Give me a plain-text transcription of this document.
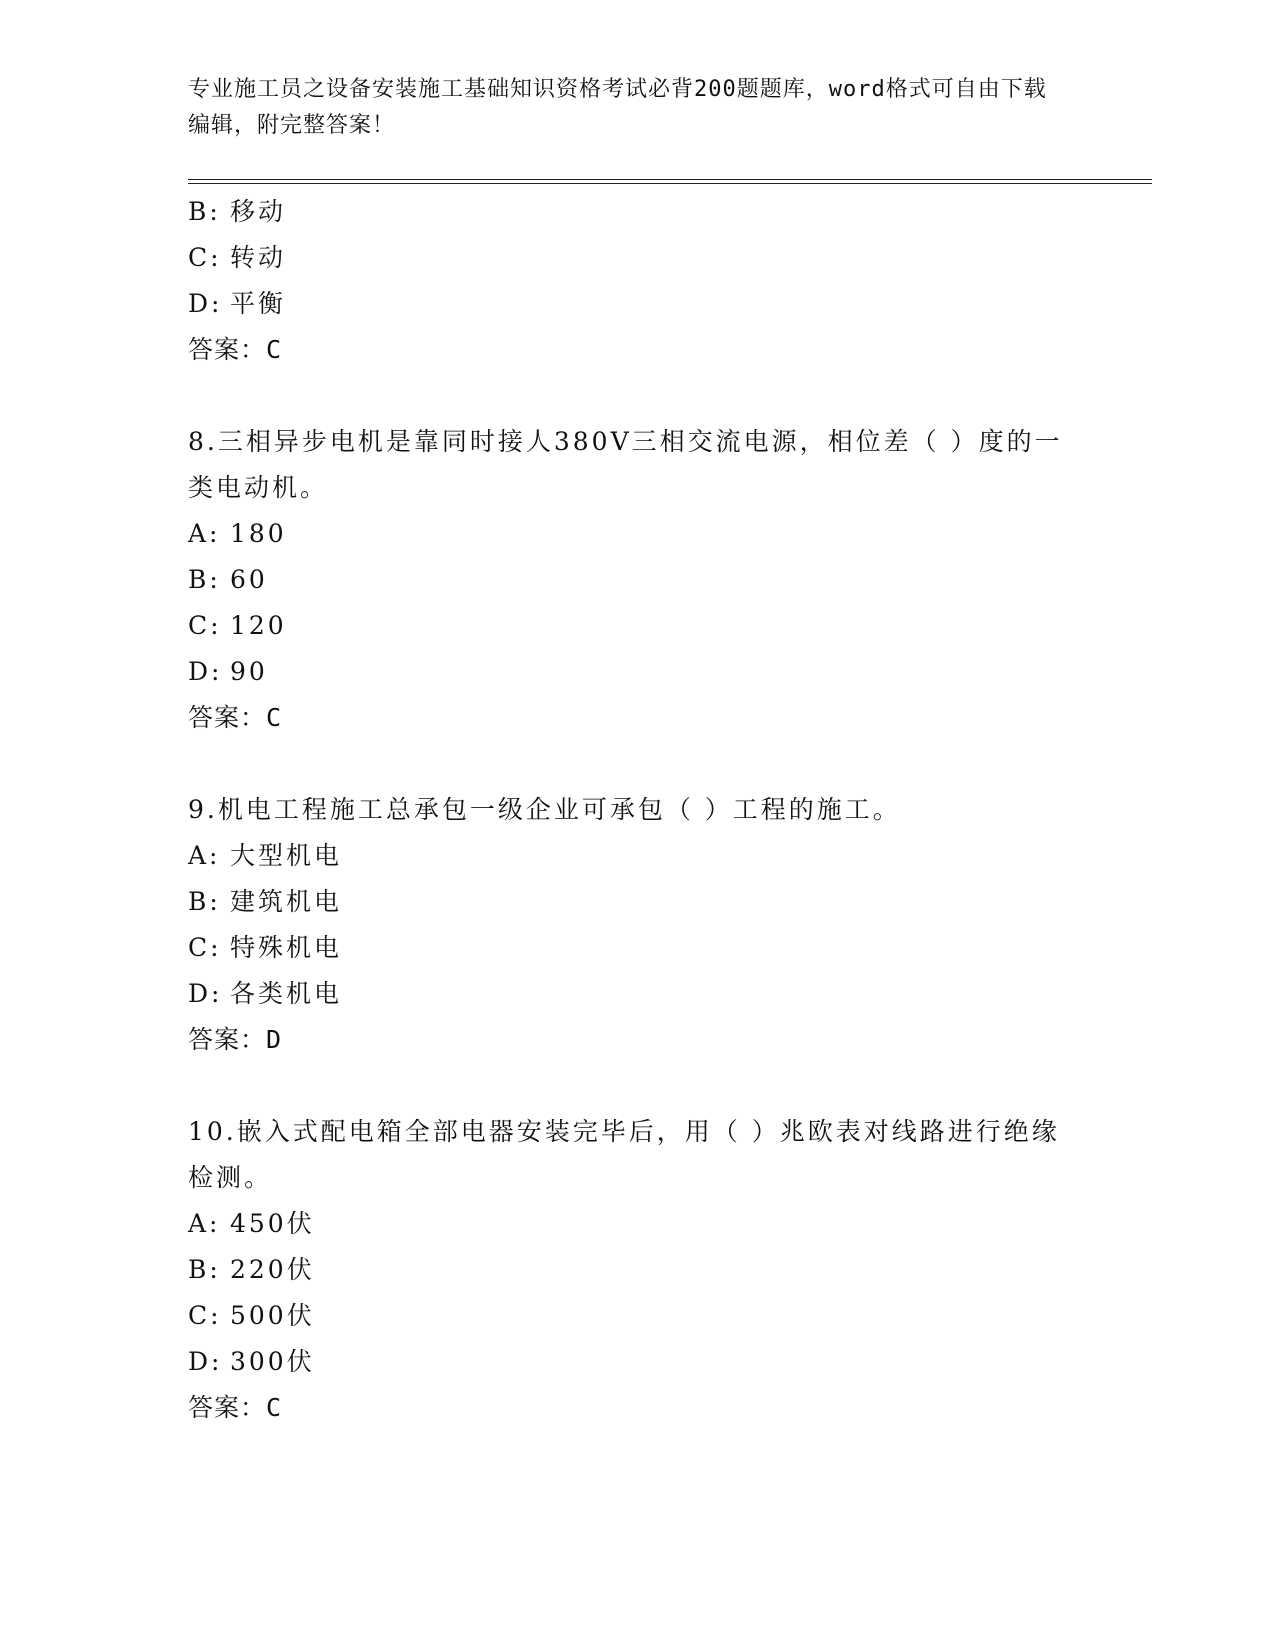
专业施工员之设备安装施工基础知识资格考试必背200题题库，word格式可自由下载编辑，附完整答案！
B: 移动
C: 转动
D: 平衡
答案：C
8.三相异步电机是靠同时接人380V三相交流电源，相位差（ ）度的一类电动机。
A: 180
B: 60
C: 120
D: 90
答案：C
9.机电工程施工总承包一级企业可承包（ ）工程的施工。
A: 大型机电
B: 建筑机电
C: 特殊机电
D: 各类机电
答案：D
10.嵌入式配电箱全部电器安装完毕后，用（ ）兆欧表对线路进行绝缘检测。
A: 450伏
B: 220伏
C: 500伏
D: 300伏
答案：C
